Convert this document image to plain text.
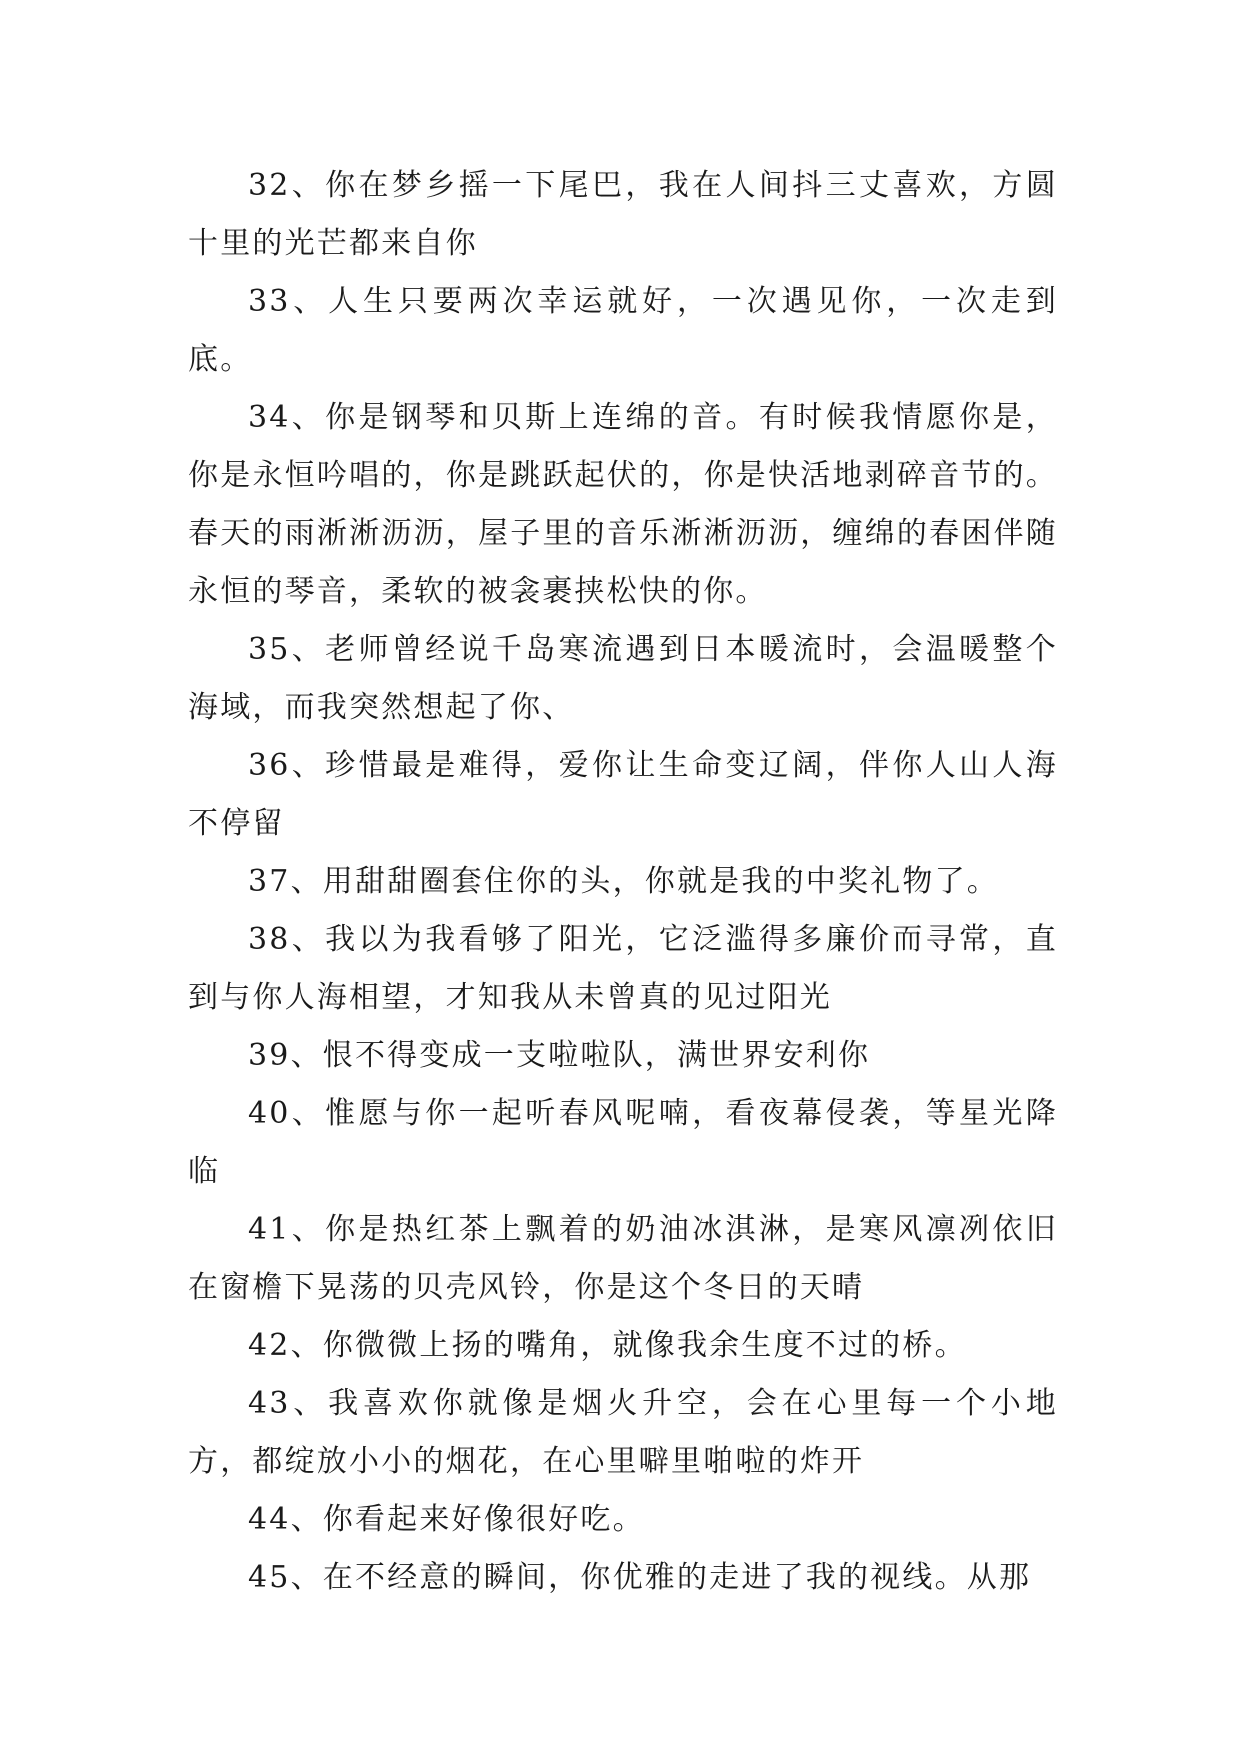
32、你在梦乡摇一下尾巴，我在人间抖三丈喜欢，方圆十里的光芒都来自你

33、人生只要两次幸运就好，一次遇见你，一次走到底。

34、你是钢琴和贝斯上连绵的音。有时候我情愿你是，你是永恒吟唱的，你是跳跃起伏的，你是快活地剥碎音节的。春天的雨淅淅沥沥，屋子里的音乐淅淅沥沥，缠绵的春困伴随永恒的琴音，柔软的被衾裹挟松快的你。

35、老师曾经说千岛寒流遇到日本暖流时，会温暖整个海域，而我突然想起了你、

36、珍惜最是难得，爱你让生命变辽阔，伴你人山人海不停留

37、用甜甜圈套住你的头，你就是我的中奖礼物了。

38、我以为我看够了阳光，它泛滥得多廉价而寻常，直到与你人海相望，才知我从未曾真的见过阳光

39、恨不得变成一支啦啦队，满世界安利你

40、惟愿与你一起听春风呢喃，看夜幕侵袭，等星光降临

41、你是热红茶上飘着的奶油冰淇淋，是寒风凛冽依旧在窗檐下晃荡的贝壳风铃，你是这个冬日的天晴

42、你微微上扬的嘴角，就像我余生度不过的桥。

43、我喜欢你就像是烟火升空，会在心里每一个小地方，都绽放小小的烟花，在心里噼里啪啦的炸开

44、你看起来好像很好吃。

45、在不经意的瞬间，你优雅的走进了我的视线。从那
